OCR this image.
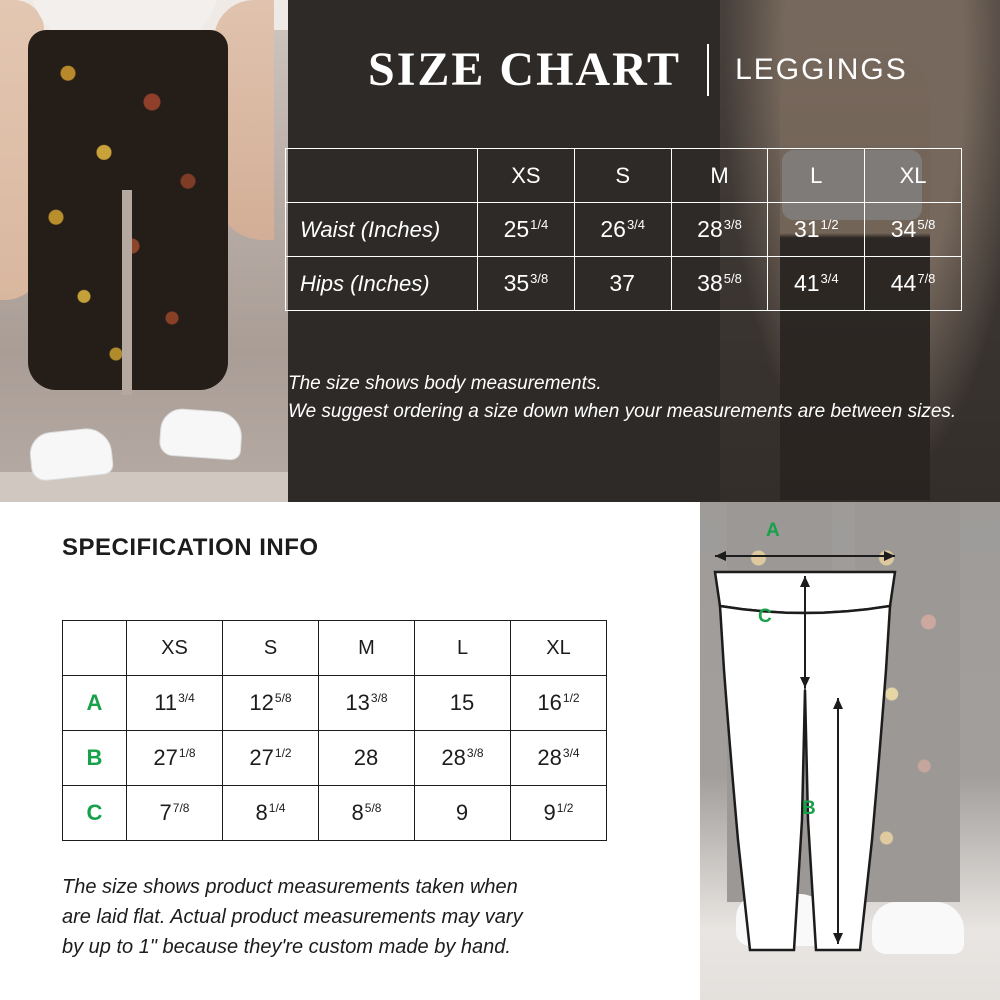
SIZE CHART LEGGINGS
	XS	S	M	L	XL
Waist (Inches)	$25^{1/4}$	$26^{3/4}$	$28^{3/8}$	$31^{1/2}$	$34^{5/8}$
Hips (Inches)	$35^{3/8}$	37	$38^{5/8}$	$41^{3/4}$	$44^{7/8}$
The size shows body measurements.
We suggest ordering a size down when your measurements are between sizes.
SPECIFICATION INFO
	XS	S	M	L	XL
A	$11^{3/4}$	$12^{5/8}$	$13^{3/8}$	15	$16^{1/2}$
B	$27^{1/8}$	$27^{1/2}$	28	$28^{3/8}$	$28^{3/4}$
C	$7^{7/8}$	$8^{1/4}$	$8^{5/8}$	9	$9^{1/2}$
The size shows product measurements taken when
are laid flat. Actual product measurements may vary
by up to 1" because they're custom made by hand.
A
C
B
